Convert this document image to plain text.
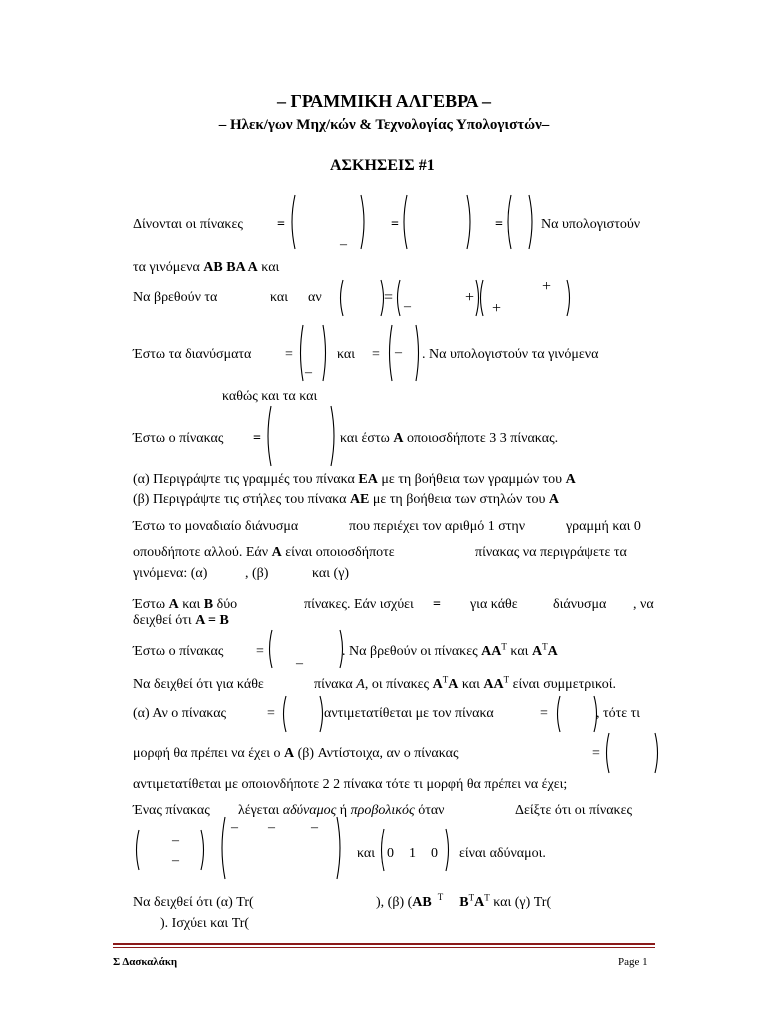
– ΓΡΑΜΜΙΚΗ ΑΛΓΕΒΡΑ –
– Ηλεκ/γων Μηχ/κών & Τεχνολογίας Υπολογιστών–
ΑΣΚΗΣΕΙΣ #1
Δίνονται οι πίνακες =
–
=	=	Να υπολογιστούν
τα γινόμενα AB BA A και
Να βρεθούν τα	και αν	=
–
+
+
+
Έστω τα διανύσματα =
–
και = – . Να υπολογιστούν τα γινόμενα
καθώς και τα και
Έστω ο πίνακας =	και έστω A οποιοσδήποτε 3 3 πίνακας.
(α) Περιγράψτε τις γραμμές του πίνακα ΕΑ με τη βοήθεια των γραμμών του Α
(β) Περιγράψτε τις στήλες του πίνακα ΑΕ με τη βοήθεια των στηλών του Α
Έστω το μοναδιαίο διάνυσμα	που περιέχει τον αριθμό 1 στην	γραμμή και 0
οπουδήποτε αλλού. Εάν A είναι οποιοσδήποτε	πίνακας να περιγράψετε τα
γινόμενα: (α)	, (β)	και (γ)
Έστω A και B δύο	πίνακες. Εάν ισχύει = για κάθε	διάνυσμα , να
δειχθεί ότι A = B
Έστω ο πίνακας =
–
. Να βρεθούν οι πίνακες $AA^T$ και $A^TA$
Να δειχθεί ότι για κάθε	πίνακα A, οι πίνακες $A^TA$ και $AA^T$ είναι συμμετρικοί.
(α) Αν ο πίνακας	=	αντιμετατίθεται με τον πίνακα	=	, τότε τι
μορφή θα πρέπει να έχει ο A (β) Αντίστοιχα, αν ο πίνακας	=
αντιμετατίθεται με οποιονδήποτε 2 2 πίνακα τότε τι μορφή θα πρέπει να έχει;
Ένας πίνακας λέγεται αδύναμος ή προβολικός όταν	Δείξτε ότι οι πίνακες
–
–
– –	–
και 0 1 0 είναι αδύναμοι.
Να δειχθεί ότι (α) Tr(	), (β) (AB $^T$ $B^TA^T$ και (γ) Tr(
). Ισχύει και Tr(
Σ Δασκαλάκη	Page 1
